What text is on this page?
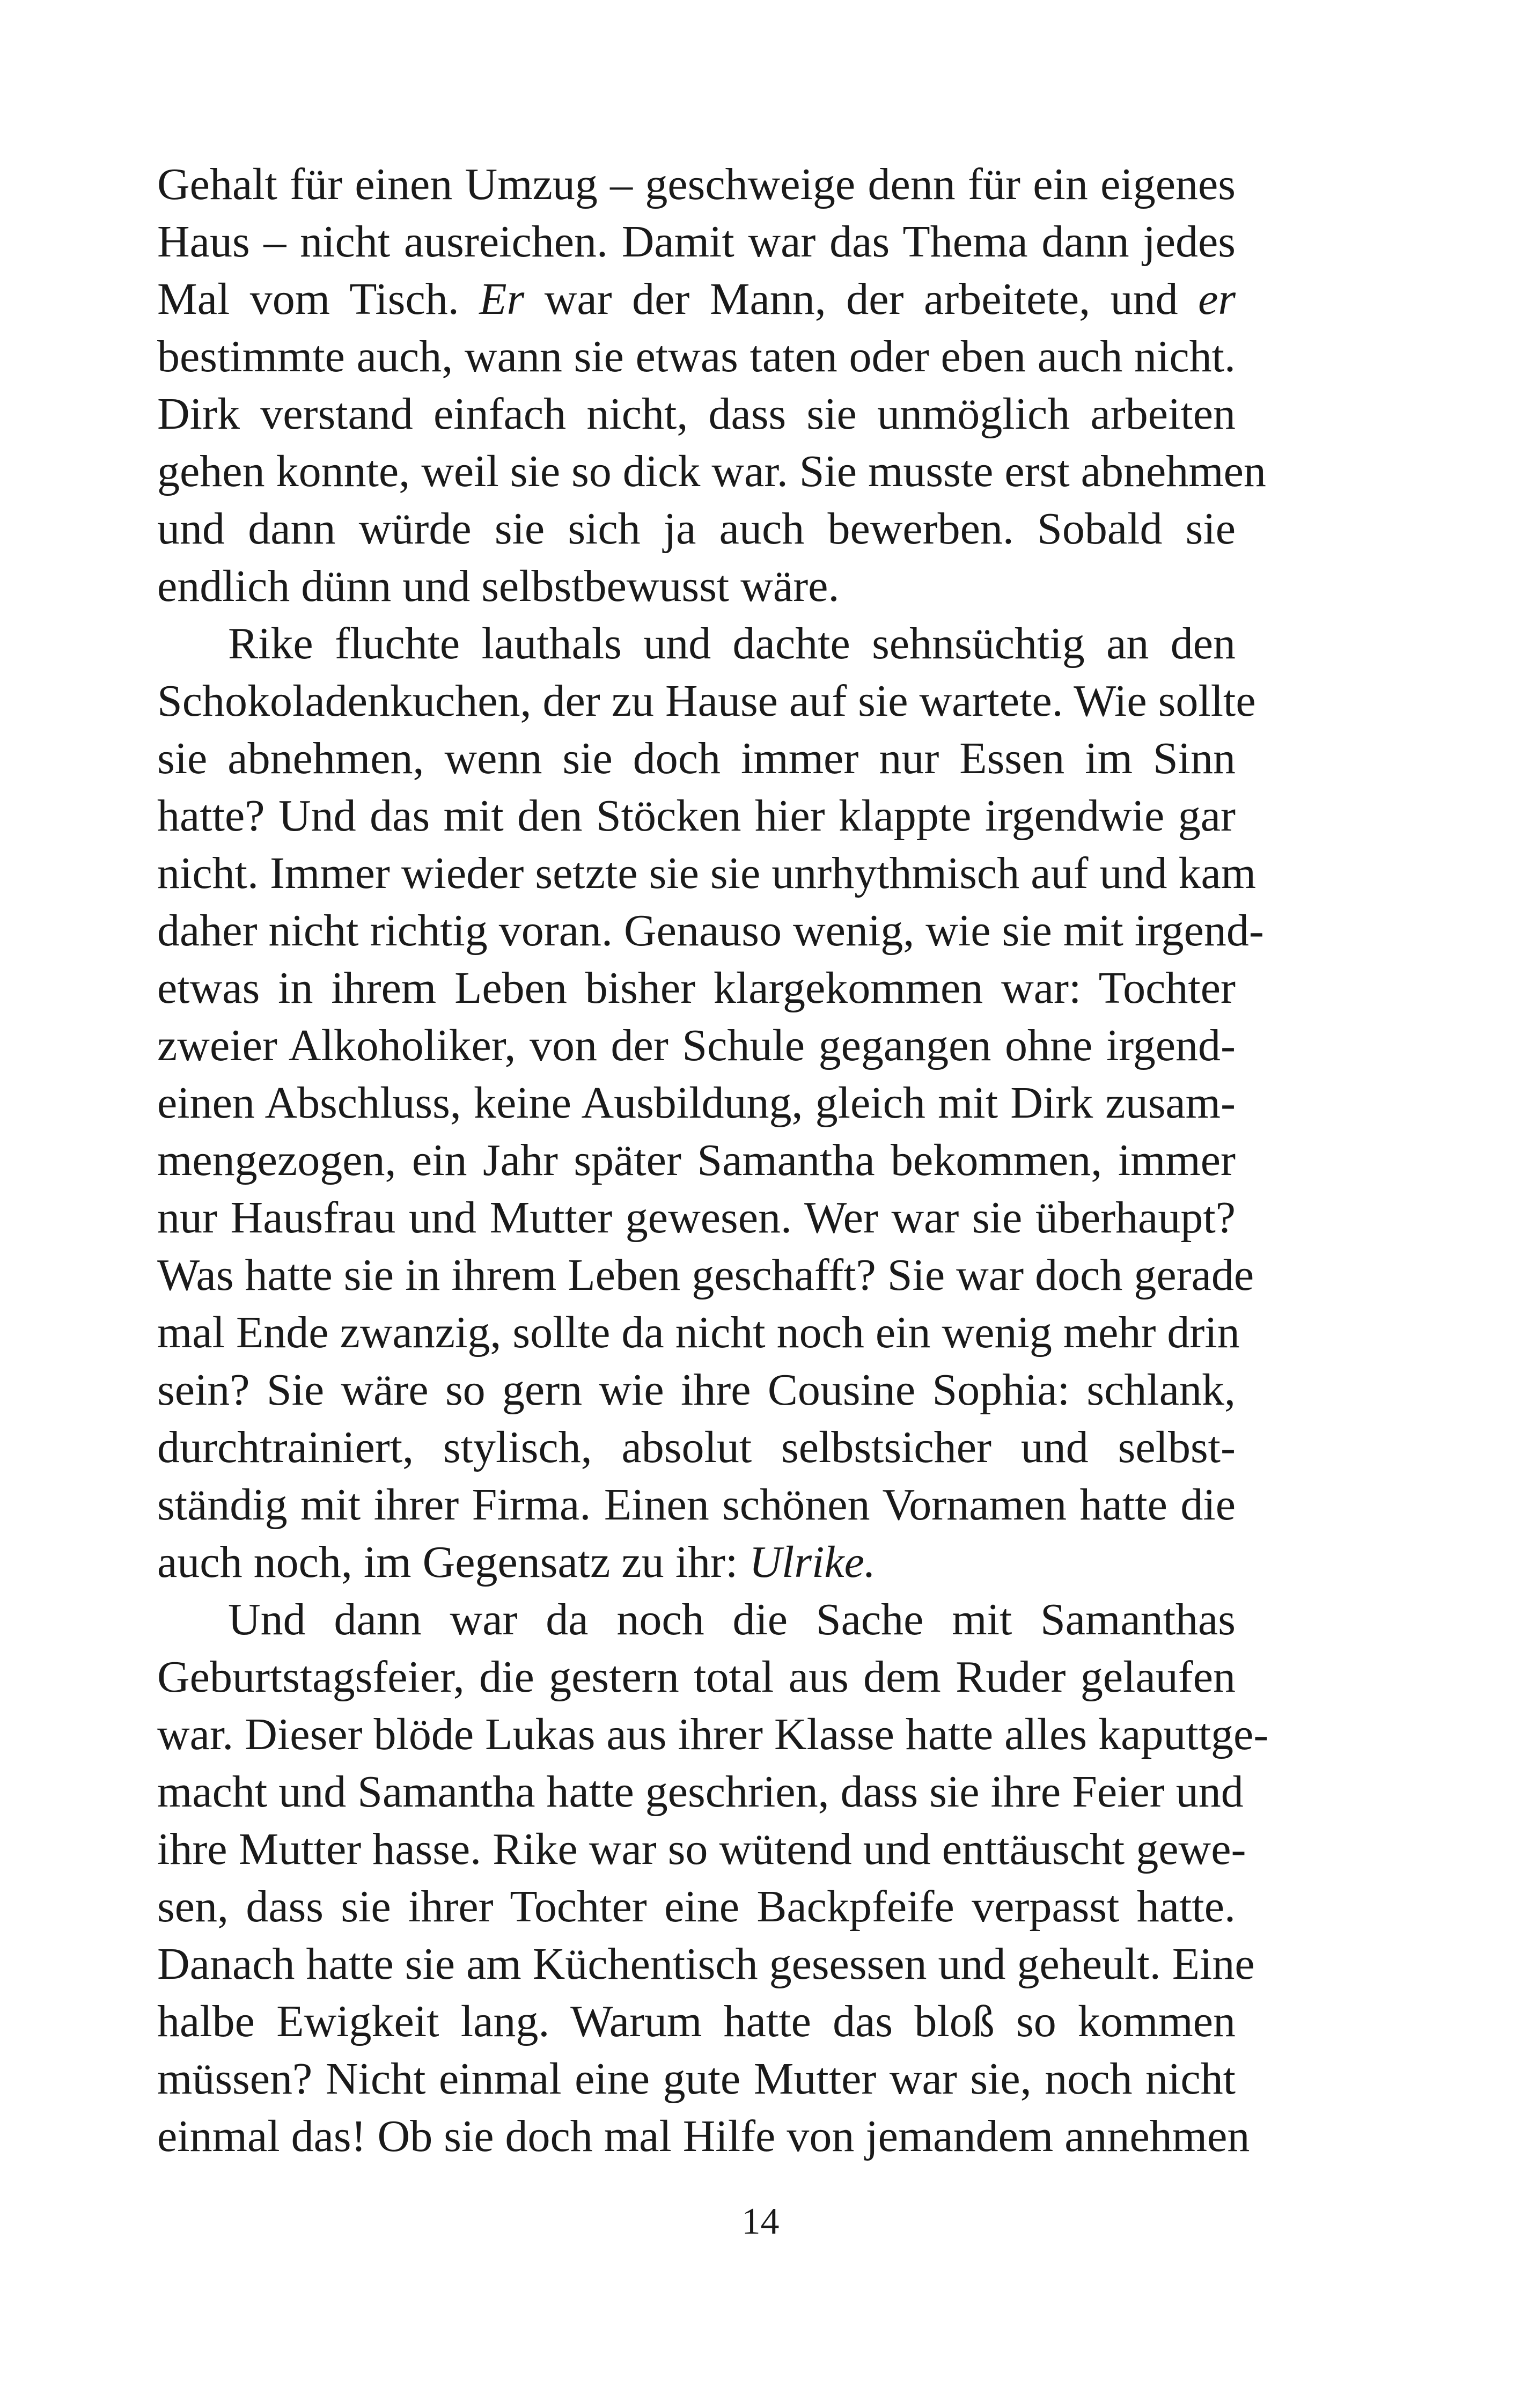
Gehalt für einen Umzug – geschweige denn für ein eigenes
Haus – nicht ausreichen. Damit war das Thema dann jedes
Mal vom Tisch. Er war der Mann, der arbeitete, und er
bestimmte auch, wann sie etwas taten oder eben auch nicht.
Dirk verstand einfach nicht, dass sie unmöglich arbeiten
gehen konnte, weil sie so dick war. Sie musste erst abnehmen
und dann würde sie sich ja auch bewerben. Sobald sie
endlich dünn und selbstbewusst wäre.
Rike fluchte lauthals und dachte sehnsüchtig an den
Schokoladenkuchen, der zu Hause auf sie wartete. Wie sollte
sie abnehmen, wenn sie doch immer nur Essen im Sinn
hatte? Und das mit den Stöcken hier klappte irgendwie gar
nicht. Immer wieder setzte sie sie unrhythmisch auf und kam
daher nicht richtig voran. Genauso wenig, wie sie mit irgend-
etwas in ihrem Leben bisher klargekommen war: Tochter
zweier Alkoholiker, von der Schule gegangen ohne irgend-
einen Abschluss, keine Ausbildung, gleich mit Dirk zusam-
mengezogen, ein Jahr später Samantha bekommen, immer
nur Hausfrau und Mutter gewesen. Wer war sie überhaupt?
Was hatte sie in ihrem Leben geschafft? Sie war doch gerade
mal Ende zwanzig, sollte da nicht noch ein wenig mehr drin
sein? Sie wäre so gern wie ihre Cousine Sophia: schlank,
durchtrainiert, stylisch, absolut selbstsicher und selbst-
ständig mit ihrer Firma. Einen schönen Vornamen hatte die
auch noch, im Gegensatz zu ihr: Ulrike.
Und dann war da noch die Sache mit Samanthas
Geburtstagsfeier, die gestern total aus dem Ruder gelaufen
war. Dieser blöde Lukas aus ihrer Klasse hatte alles kaputtge-
macht und Samantha hatte geschrien, dass sie ihre Feier und
ihre Mutter hasse. Rike war so wütend und enttäuscht gewe-
sen, dass sie ihrer Tochter eine Backpfeife verpasst hatte.
Danach hatte sie am Küchentisch gesessen und geheult. Eine
halbe Ewigkeit lang. Warum hatte das bloß so kommen
müssen? Nicht einmal eine gute Mutter war sie, noch nicht
einmal das! Ob sie doch mal Hilfe von jemandem annehmen
14
